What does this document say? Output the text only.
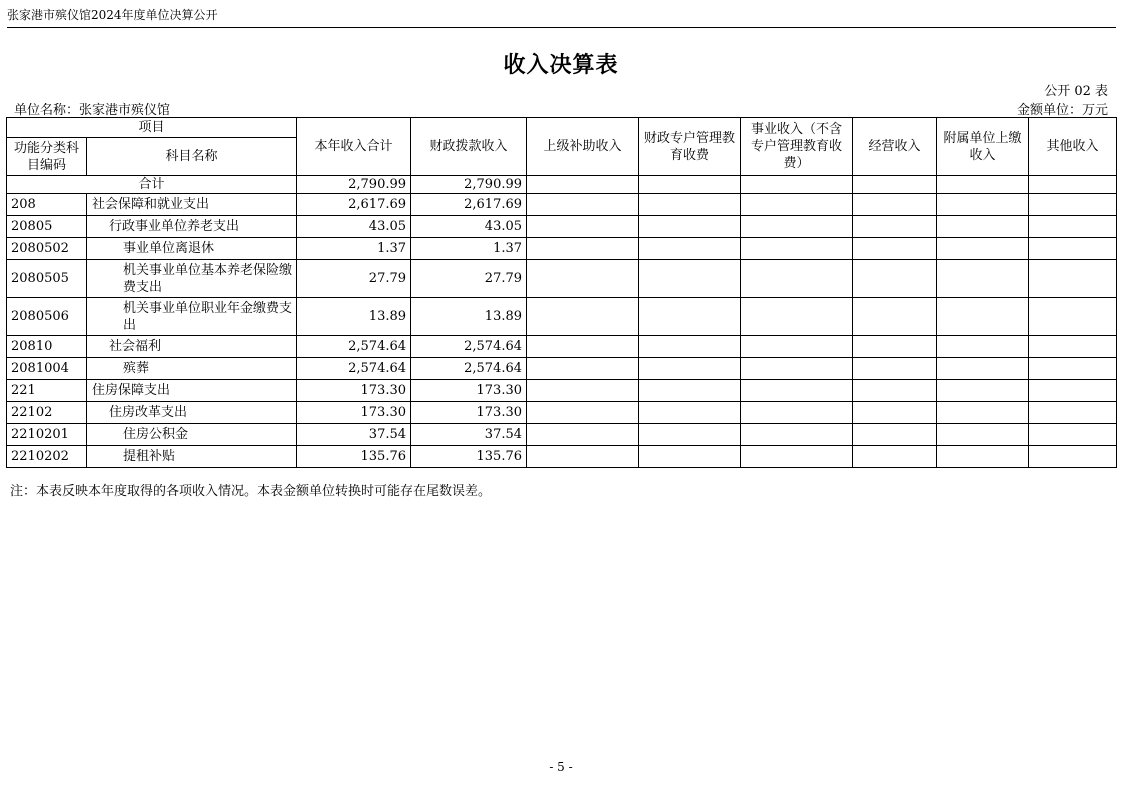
张家港市殡仪馆2024年度单位决算公开
收入决算表
公开 02 表
单位名称：张家港市殡仪馆	金额单位：万元
项目		本年收入合计	财政拨款收入	上级补助收入	财政专户管理教育收费	事业收入（不含专户管理教育收费）	经营收入	附属单位上缴收入	其他收入
功能分类科目编码	科目名称								
合计		2,790.99	2,790.99						
208	社会保障和就业支出	2,617.69	2,617.69						
20805	行政事业单位养老支出	43.05	43.05						
2080502	事业单位离退休	1.37	1.37						
2080505	机关事业单位基本养老保险缴费支出	27.79	27.79						
2080506	机关事业单位职业年金缴费支出	13.89	13.89						
20810	社会福利	2,574.64	2,574.64						
2081004	殡葬	2,574.64	2,574.64						
221	住房保障支出	173.30	173.30						
22102	住房改革支出	173.30	173.30						
2210201	住房公积金	37.54	37.54						
2210202	提租补贴	135.76	135.76						
注：本表反映本年度取得的各项收入情况。本表金额单位转换时可能存在尾数误差。
- 5 -
